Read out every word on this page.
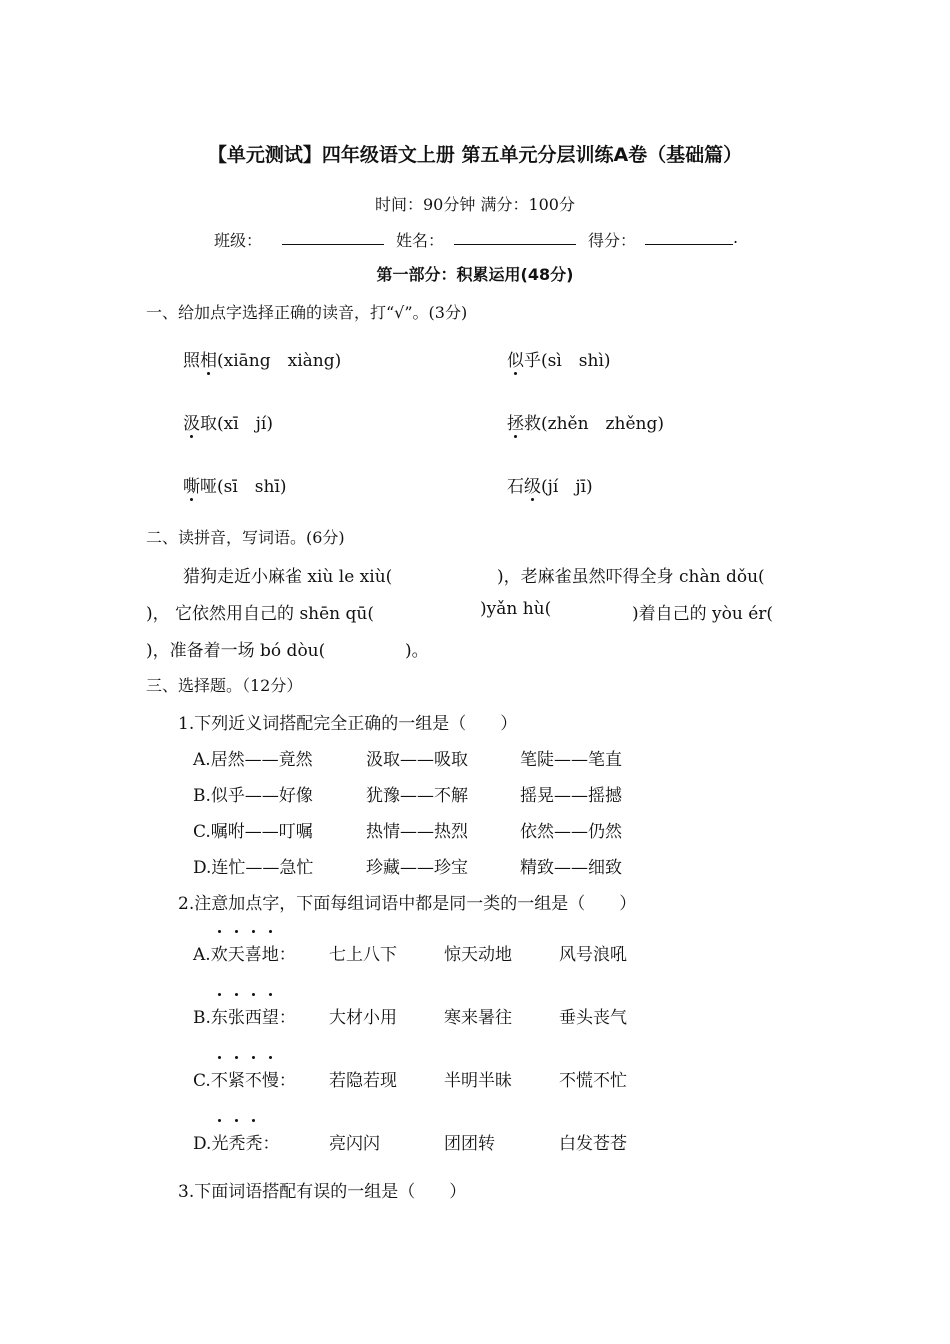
【单元测试】四年级语文上册 第五单元分层训练A卷（基础篇）
时间：90分钟 满分：100分
班级：	姓名：	得分：	.
第一部分：积累运用(48分)
一、给加点字选择正确的读音，打“√”。(3分)
照相(xiāng　xiàng)	似乎(sì　shì)
汲取(xī　jí)	拯救(zhěn　zhěng)
嘶哑(sī　shī)	石级(jí　jī)
二、读拼音，写词语。(6分)
猎狗走近小麻雀 xiù le xiù(	)，老麻雀虽然吓得全身 chàn dǒu(
)， 它依然用自己的 shēn qū(	)yǎn hù(	)着自己的 yòu ér(
)，准备着一场 bó dòu(	)。
三、选择题。（12分）
1.下列近义词搭配完全正确的一组是（　　）
A.居然——竟然	汲取——吸取	笔陡——笔直
B.似乎——好像	犹豫——不解	摇晃——摇撼
C.嘱咐——叮嘱	热情——热烈	依然——仍然
D.连忙——急忙	珍藏——珍宝	精致——细致
2.注意加点字，下面每组词语中都是同一类的一组是（　　）
A.欢天喜地： 七上八下	惊天动地	风号浪吼
B.东张西望： 大材小用	寒来暑往	垂头丧气
C.不紧不慢： 若隐若现	半明半昧	不慌不忙
D.光秃秃：	亮闪闪	团团转	白发苍苍
3.下面词语搭配有误的一组是（　　）
